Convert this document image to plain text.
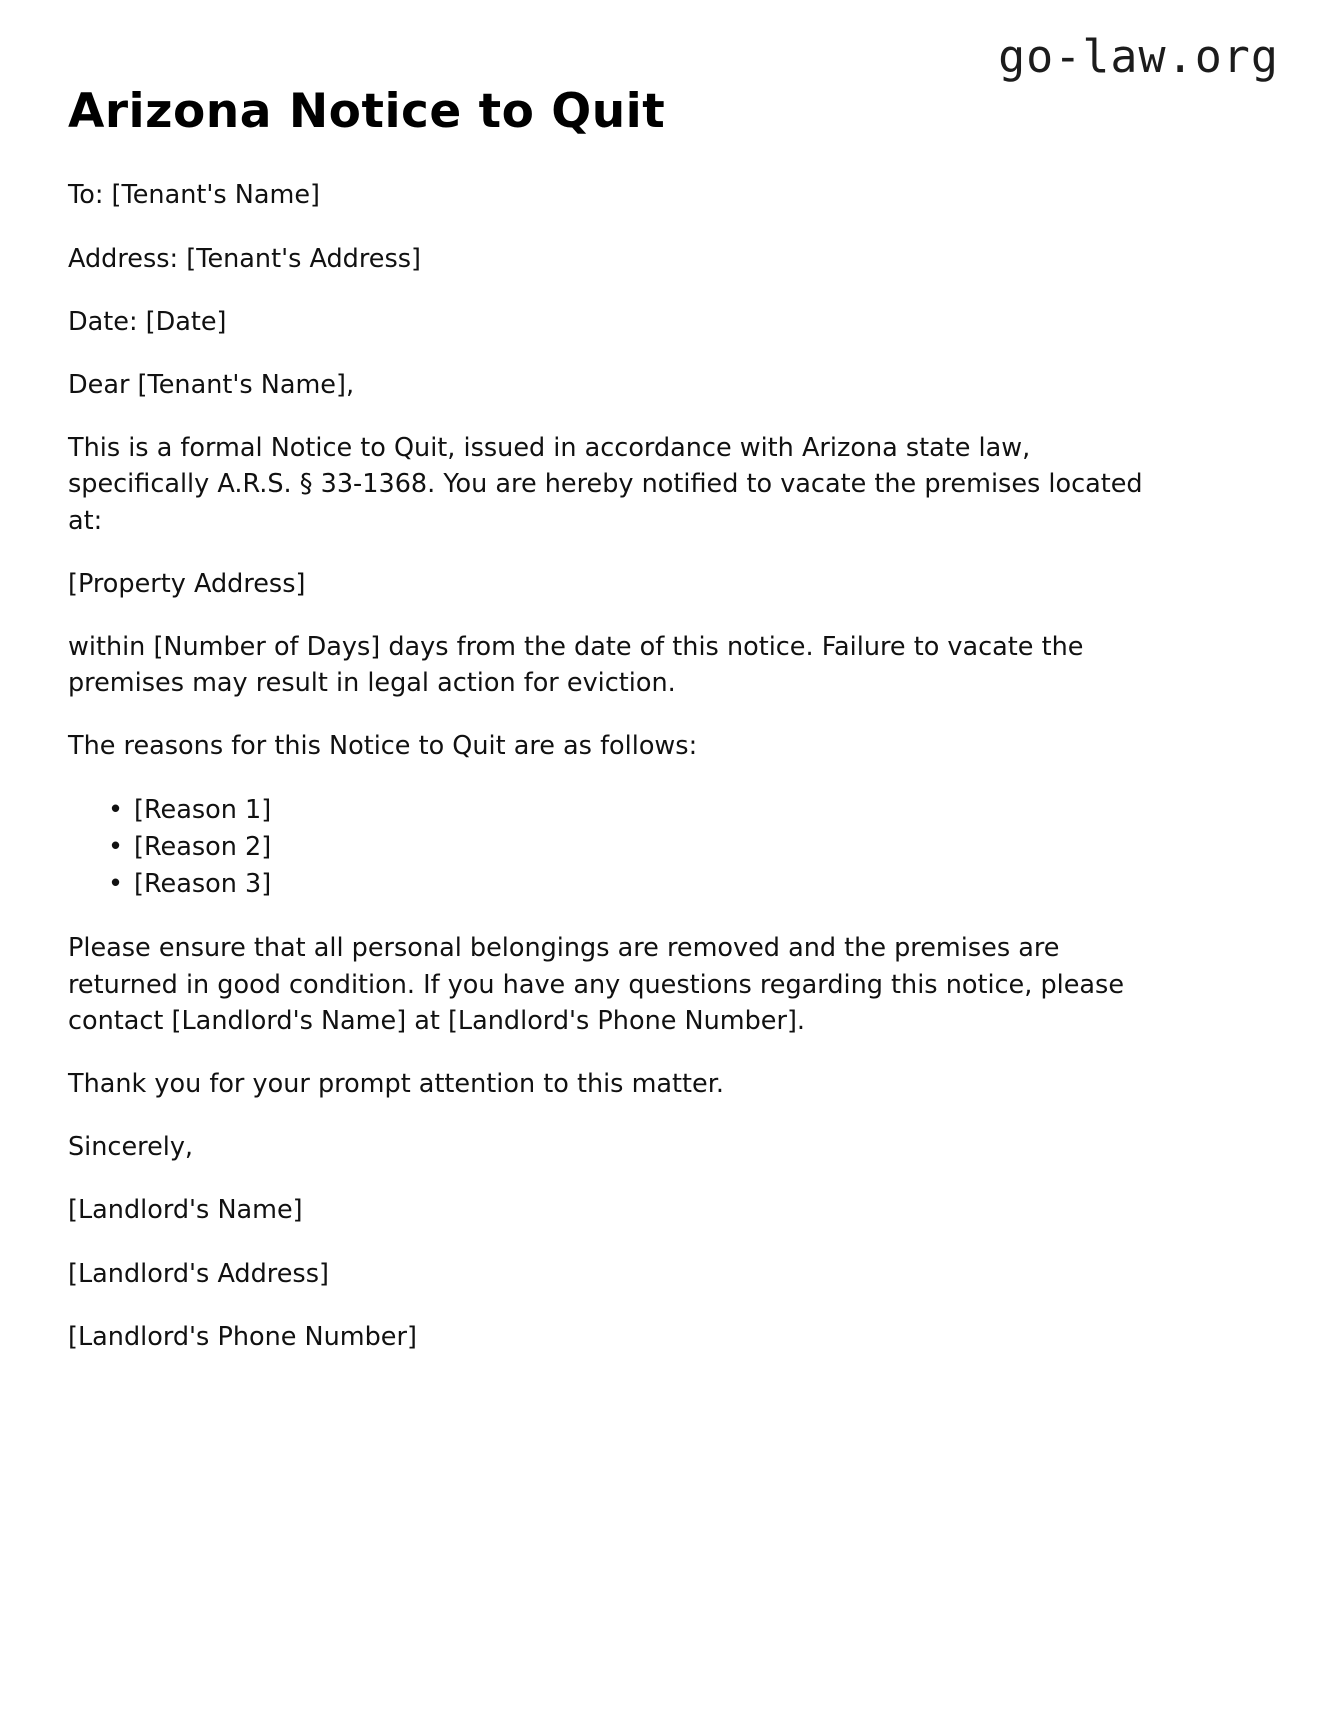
go-law.org
Arizona Notice to Quit

To: [Tenant's Name]

Address: [Tenant's Address]

Date: [Date]

Dear [Tenant's Name],

This is a formal Notice to Quit, issued in accordance with Arizona state law, specifically A.R.S. § 33-1368. You are hereby notified to vacate the premises located at:

[Property Address]

within [Number of Days] days from the date of this notice. Failure to vacate the premises may result in legal action for eviction.

The reasons for this Notice to Quit are as follows:

• [Reason 1]
• [Reason 2]
• [Reason 3]

Please ensure that all personal belongings are removed and the premises are returned in good condition. If you have any questions regarding this notice, please contact [Landlord's Name] at [Landlord's Phone Number].

Thank you for your prompt attention to this matter.

Sincerely,

[Landlord's Name]

[Landlord's Address]

[Landlord's Phone Number]
